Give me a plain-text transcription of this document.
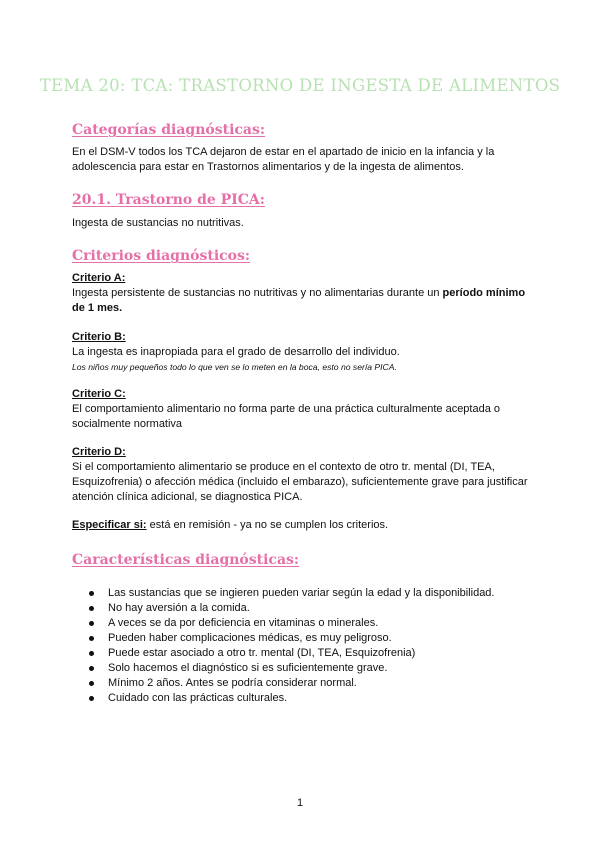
TEMA 20: TCA: TRASTORNO DE INGESTA DE ALIMENTOS
Categorías diagnósticas:

En el DSM-V todos los TCA dejaron de estar en el apartado de inicio en la infancia y la adolescencia para estar en Trastornos alimentarios y de la ingesta de alimentos.

20.1. Trastorno de PICA:

Ingesta de sustancias no nutritivas.

Criterios diagnósticos:

Criterio A:
Ingesta persistente de sustancias no nutritivas y no alimentarias durante un período mínimo de 1 mes.

Criterio B:
La ingesta es inapropiada para el grado de desarrollo del individuo.
Los niños muy pequeños todo lo que ven se lo meten en la boca, esto no sería PICA.

Criterio C:
El comportamiento alimentario no forma parte de una práctica culturalmente aceptada o socialmente normativa

Criterio D:
Si el comportamiento alimentario se produce en el contexto de otro tr. mental (DI, TEA, Esquizofrenia) o afección médica (incluido el embarazo), suficientemente grave para justificar atención clínica adicional, se diagnostica PICA.

Especificar si: está en remisión - ya no se cumplen los criterios.

Características diagnósticas:
Las sustancias que se ingieren pueden variar según la edad y la disponibilidad.
No hay aversión a la comida.
A veces se da por deficiencia en vitaminas o minerales.
Pueden haber complicaciones médicas, es muy peligroso.
Puede estar asociado a otro tr. mental (DI, TEA, Esquizofrenia)
Solo hacemos el diagnóstico si es suficientemente grave.
Mínimo 2 años. Antes se podría considerar normal.
Cuidado con las prácticas culturales.
1
